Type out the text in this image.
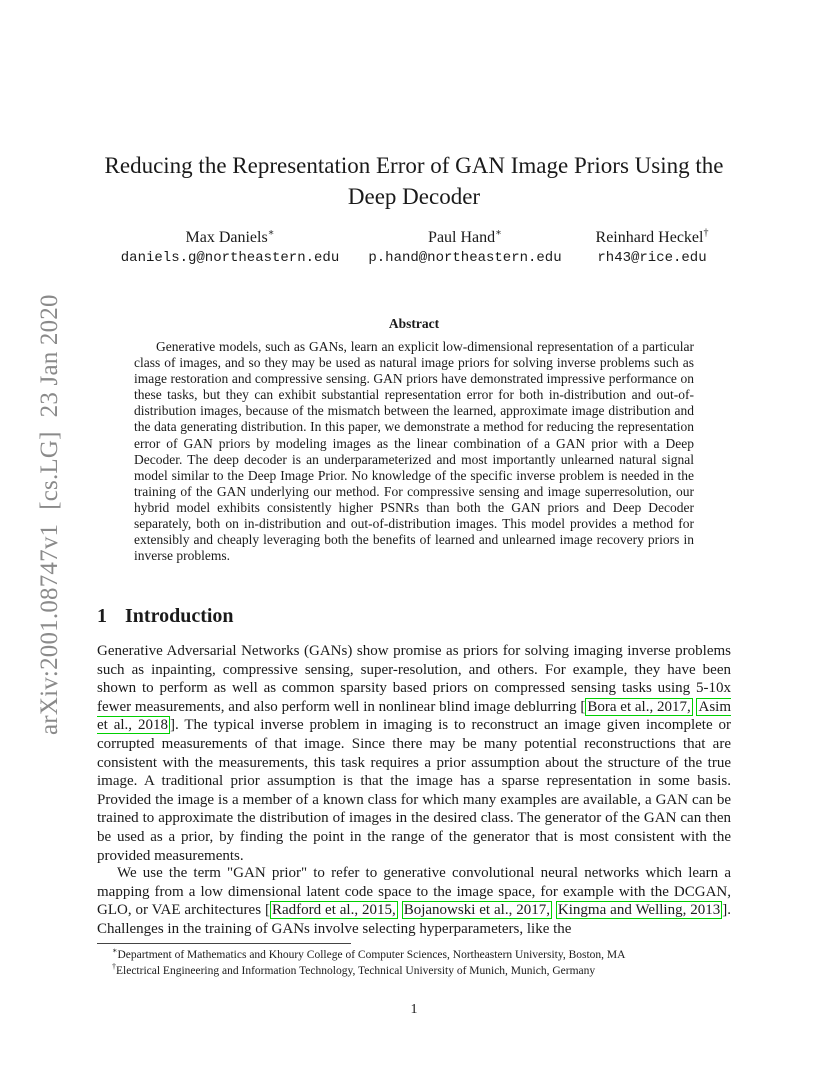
arXiv:2001.08747v1[cs.LG]23 Jan 2020
Reducing the Representation Error of GAN Image Priors Using the Deep Decoder
Max Daniels∗
daniels.g@northeastern.edu
Paul Hand∗
p.hand@northeastern.edu
Reinhard Heckel†
rh43@rice.edu
Abstract
Generative models, such as GANs, learn an explicit low-dimensional representation of a particular class of images, and so they may be used as natural image priors for solving inverse problems such as image restoration and compressive sensing. GAN priors have demonstrated impressive performance on these tasks, but they can exhibit substantial representation error for both in-distribution and out-of-distribution images, because of the mismatch between the learned, approximate image distribution and the data generating distribution. In this paper, we demonstrate a method for reducing the representation error of GAN priors by modeling images as the linear combination of a GAN prior with a Deep Decoder. The deep decoder is an underparameterized and most importantly unlearned natural signal model similar to the Deep Image Prior. No knowledge of the specific inverse problem is needed in the training of the GAN underlying our method. For compressive sensing and image superresolution, our hybrid model exhibits consistently higher PSNRs than both the GAN priors and Deep Decoder separately, both on in-distribution and out-of-distribution images. This model provides a method for extensibly and cheaply leveraging both the benefits of learned and unlearned image recovery priors in inverse problems.
1 Introduction
Generative Adversarial Networks (GANs) show promise as priors for solving imaging inverse problems such as inpainting, compressive sensing, super-resolution, and others. For example, they have been shown to perform as well as common sparsity based priors on compressed sensing tasks using 5-10x fewer measurements, and also perform well in nonlinear blind image deblurring [ Bora et al., 2017, Asim et al., 2018 ]. The typical inverse problem in imaging is to reconstruct an image given incomplete or corrupted measurements of that image. Since there may be many potential reconstructions that are consistent with the measurements, this task requires a prior assumption about the structure of the true image. A traditional prior assumption is that the image has a sparse representation in some basis. Provided the image is a member of a known class for which many examples are available, a GAN can be trained to approximate the distribution of images in the desired class. The generator of the GAN can then be used as a prior, by finding the point in the range of the generator that is most consistent with the provided measurements.
We use the term "GAN prior" to refer to generative convolutional neural networks which learn a mapping from a low dimensional latent code space to the image space, for example with the DCGAN, GLO, or VAE architectures [ Radford et al., 2015, Bojanowski et al., 2017, Kingma and Welling, 2013 ]. Challenges in the training of GANs involve selecting hyperparameters, like the
∗Department of Mathematics and Khoury College of Computer Sciences, Northeastern University, Boston, MA
†Electrical Engineering and Information Technology, Technical University of Munich, Munich, Germany
1
